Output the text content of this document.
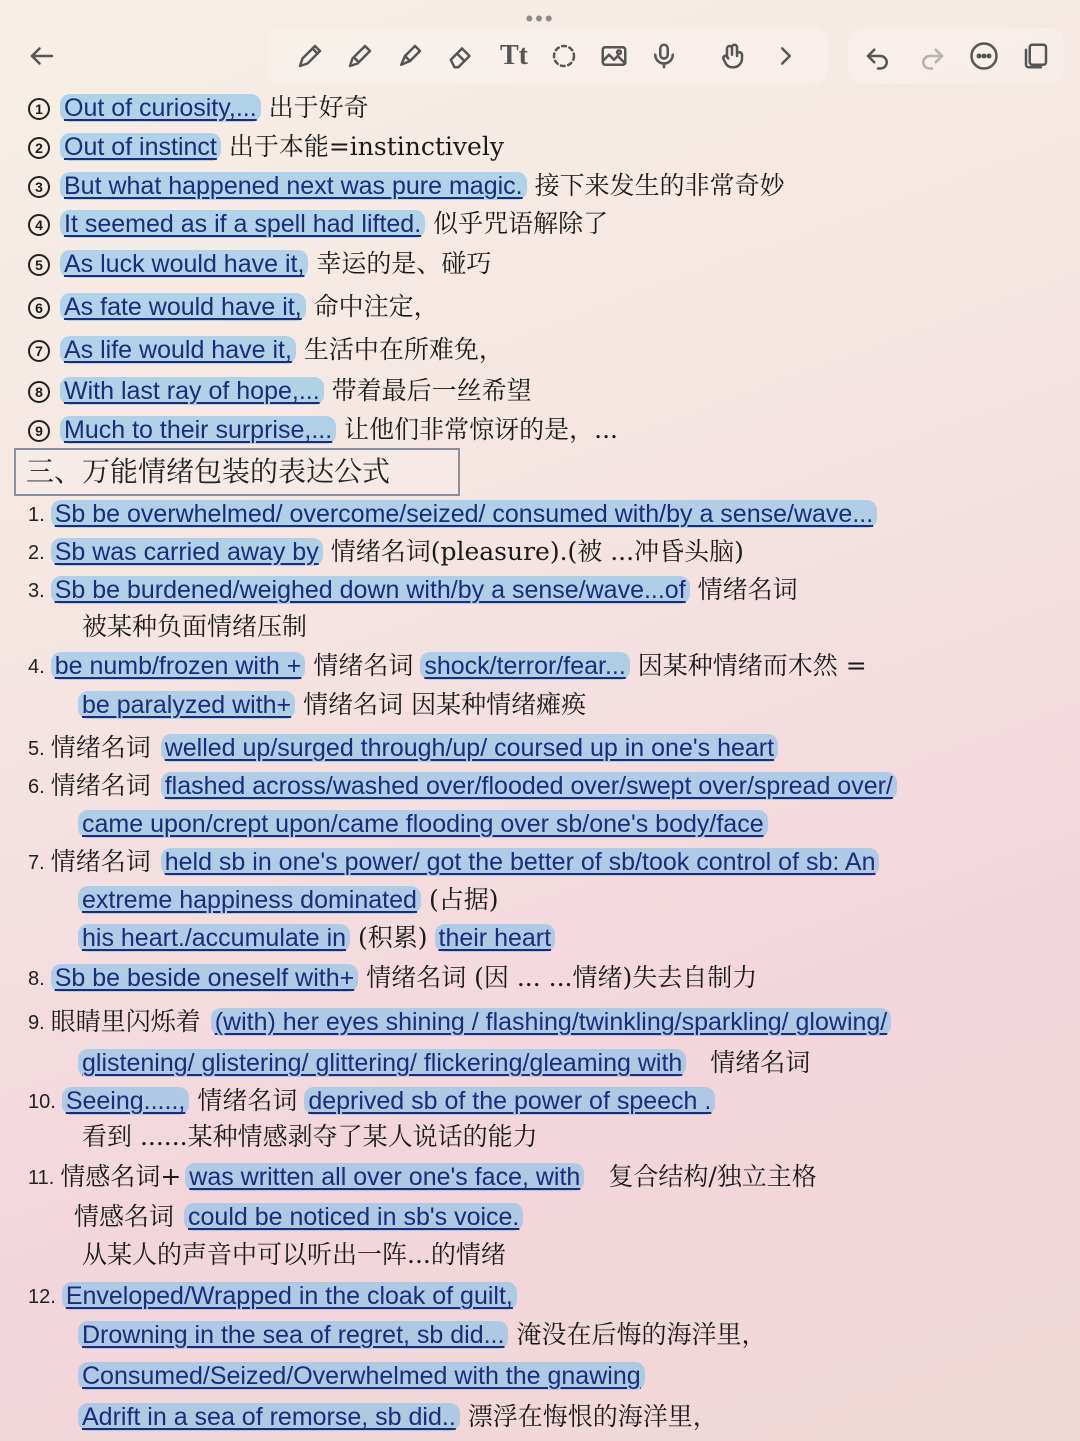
•••
Tt
1 Out of curiosity,... 出于好奇
2 Out of instinct 出于本能=instinctively
3 But what happened next was pure magic. 接下来发生的非常奇妙
4 It seemed as if a spell had lifted. 似乎咒语解除了
5 As luck would have it, 幸运的是、碰巧
6 As fate would have it, 命中注定，
7 As life would have it, 生活中在所难免，
8 With last ray of hope,... 带着最后一丝希望
9 Much to their surprise,... 让他们非常惊讶的是，...
三、万能情绪包装的表达公式
1. Sb be overwhelmed/ overcome/seized/ consumed with/by a sense/wave...
2. Sb was carried away by 情绪名词(pleasure).(被 ...冲昏头脑)
3. Sb be burdened/weighed down with/by a sense/wave...of 情绪名词
被某种负面情绪压制
4. be numb/frozen with + 情绪名词 shock/terror/fear... 因某种情绪而木然 =
be paralyzed with+ 情绪名词 因某种情绪瘫痪
5. 情绪名词 welled up/surged through/up/ coursed up in one's heart
6. 情绪名词 flashed across/washed over/flooded over/swept over/spread over/
came upon/crept upon/came flooding over sb/one's body/face
7. 情绪名词 held sb in one's power/ got the better of sb/took control of sb: An
extreme happiness dominated (占据)
his heart./accumulate in (积累) their heart
8. Sb be beside oneself with+ 情绪名词 (因 ... ...情绪)失去自制力
9. 眼睛里闪烁着 (with) her eyes shining / flashing/twinkling/sparkling/ glowing/
glistening/ glistering/ glittering/ flickering/gleaming with 情绪名词
10. Seeing....., 情绪名词 deprived sb of the power of speech .
看到 ......某种情感剥夺了某人说话的能力
11. 情感名词+ was written all over one's face, with 复合结构/独立主格
情感名词 could be noticed in sb's voice.
从某人的声音中可以听出一阵...的情绪
12. Enveloped/Wrapped in the cloak of guilt,
Drowning in the sea of regret, sb did... 淹没在后悔的海洋里，
Consumed/Seized/Overwhelmed with the gnawing
Adrift in a sea of remorse, sb did.. 漂浮在悔恨的海洋里，
